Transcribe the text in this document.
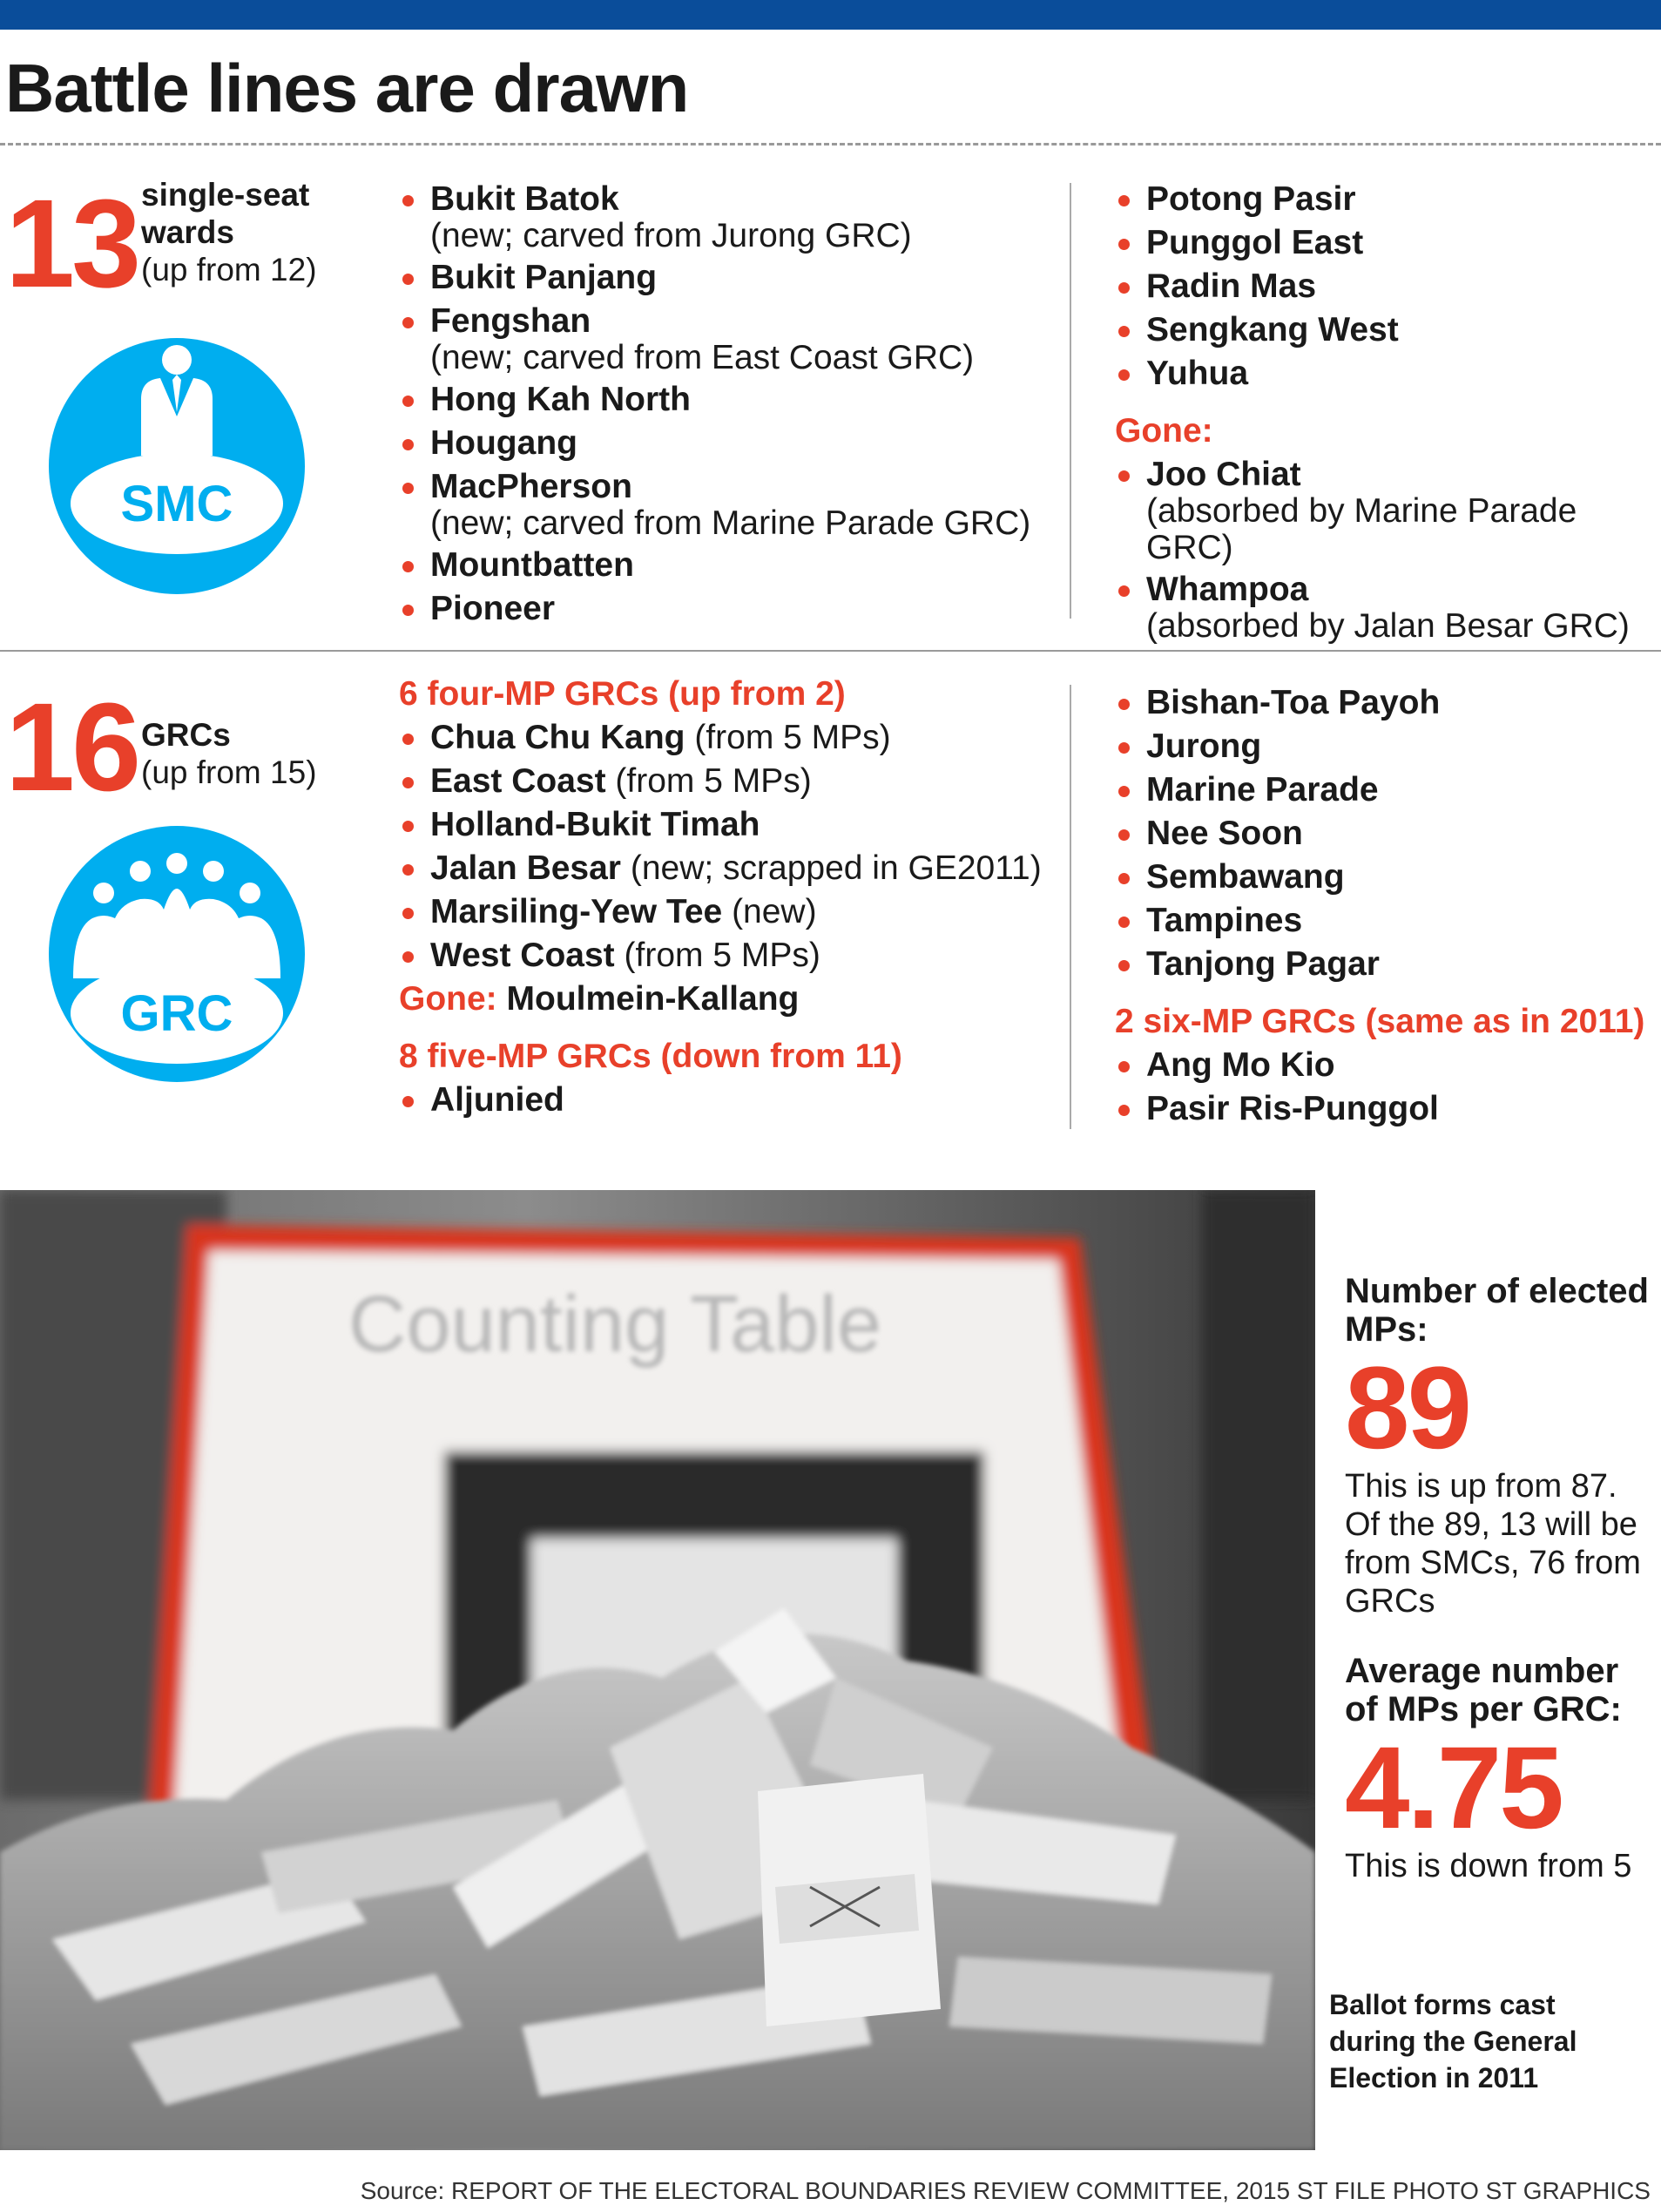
Battle lines are drawn
13 single-seat
wards
(up from 12)
SMC
Bukit Batok
(new; carved from Jurong GRC)
Bukit Panjang
Fengshan
(new; carved from East Coast GRC)
Hong Kah North
Hougang
MacPherson
(new; carved from Marine Parade GRC)
Mountbatten
Pioneer
Potong Pasir
Punggol East
Radin Mas
Sengkang West
Yuhua
Gone:
Joo Chiat
(absorbed by Marine Parade GRC)
Whampoa
(absorbed by Jalan Besar GRC)
16 GRCs
(up from 15)
GRC
6 four-MP GRCs (up from 2)
Chua Chu Kang (from 5 MPs)
East Coast (from 5 MPs)
Holland-Bukit Timah
Jalan Besar (new; scrapped in GE2011)
Marsiling-Yew Tee (new)
West Coast (from 5 MPs)
Gone: Moulmein-Kallang
8 five-MP GRCs (down from 11)
Aljunied
Bishan-Toa Payoh
Jurong
Marine Parade
Nee Soon
Sembawang
Tampines
Tanjong Pagar
2 six-MP GRCs (same as in 2011)
Ang Mo Kio
Pasir Ris-Punggol
Counting Table	Number of elected MPs:
89
This is up from 87. Of the 89, 13 will be from SMCs, 76 from GRCs
Average number of MPs per GRC:
4.75
This is down from 5
Ballot forms cast during the General Election in 2011
Source: REPORT OF THE ELECTORAL BOUNDARIES REVIEW COMMITTEE, 2015 ST FILE PHOTO ST GRAPHICS
